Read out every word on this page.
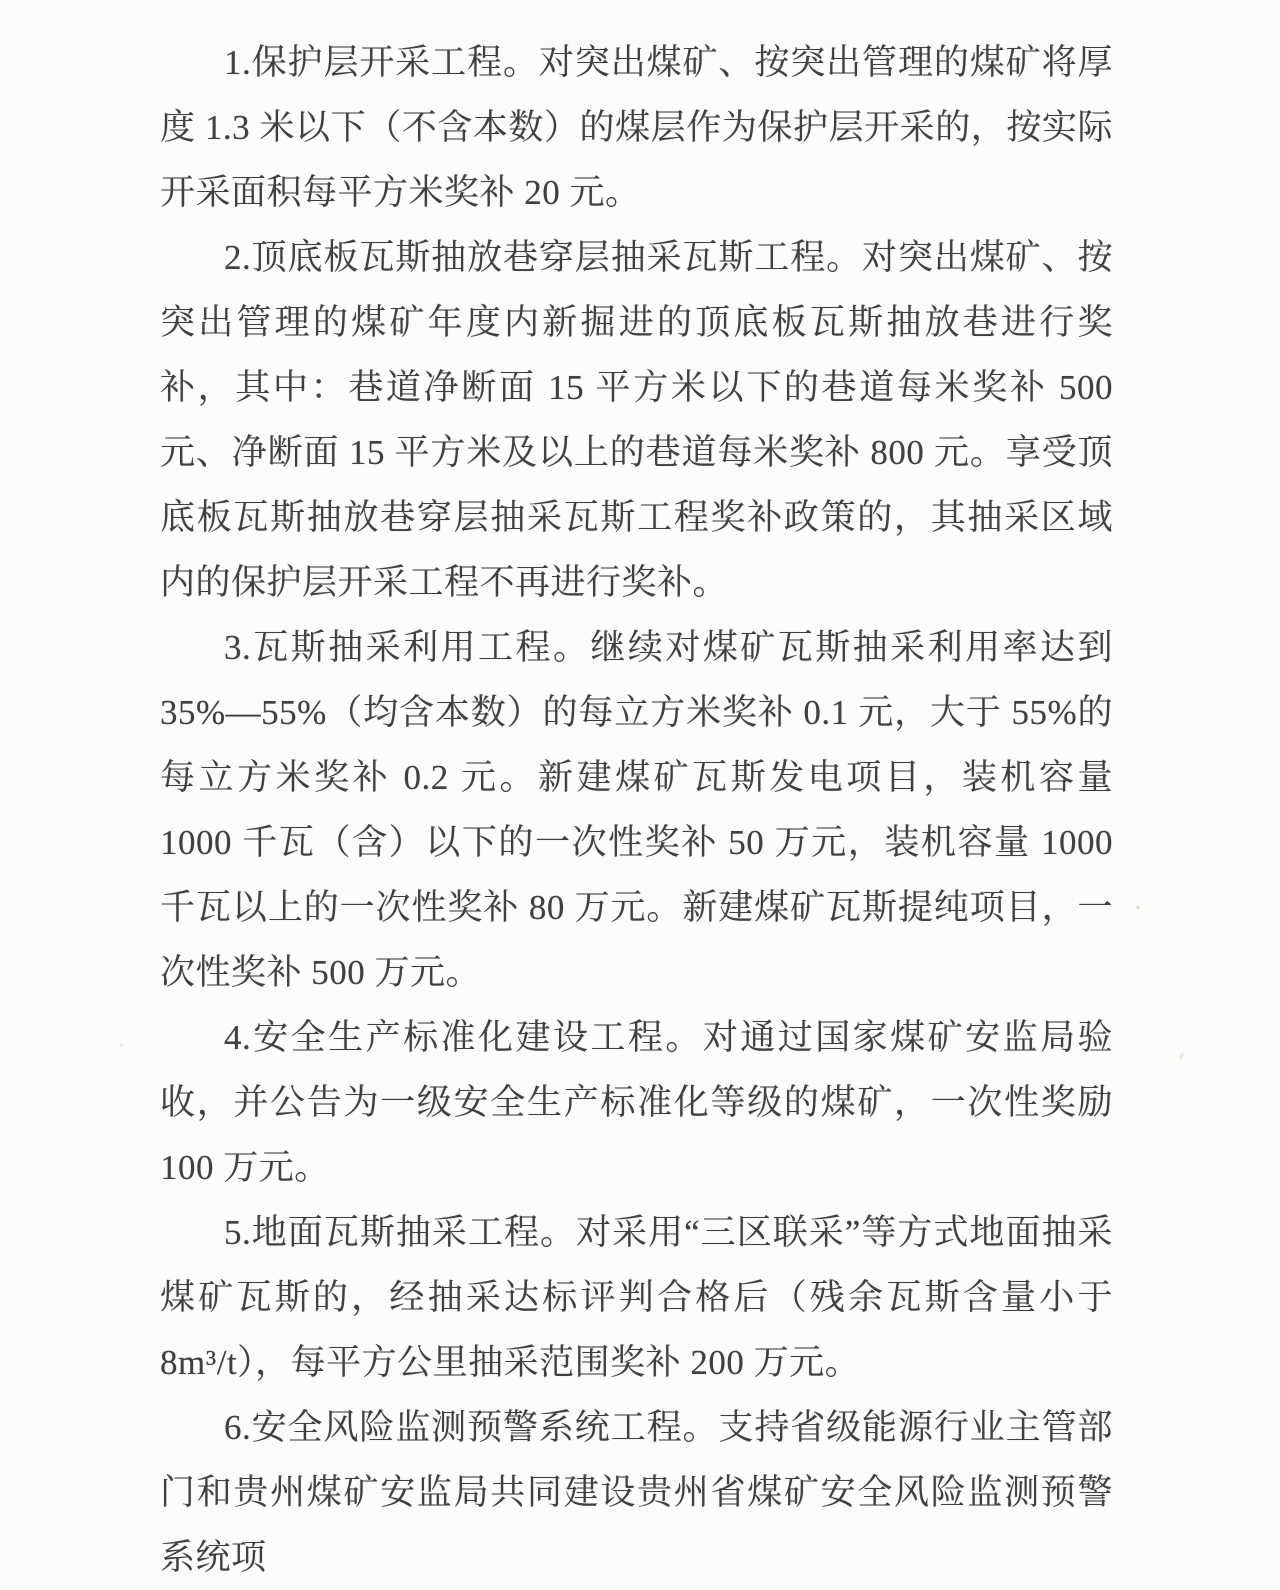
1.保护层开采工程。对突出煤矿、按突出管理的煤矿将厚度 1.3 米以下（不含本数）的煤层作为保护层开采的，按实际开采面积每平方米奖补 20 元。

2.顶底板瓦斯抽放巷穿层抽采瓦斯工程。对突出煤矿、按突出管理的煤矿年度内新掘进的顶底板瓦斯抽放巷进行奖补，其中：巷道净断面 15 平方米以下的巷道每米奖补 500 元、净断面 15 平方米及以上的巷道每米奖补 800 元。享受顶底板瓦斯抽放巷穿层抽采瓦斯工程奖补政策的，其抽采区域内的保护层开采工程不再进行奖补。

3.瓦斯抽采利用工程。继续对煤矿瓦斯抽采利用率达到 35%—55%（均含本数）的每立方米奖补 0.1 元，大于 55%的每立方米奖补 0.2 元。新建煤矿瓦斯发电项目，装机容量 1000 千瓦（含）以下的一次性奖补 50 万元，装机容量 1000 千瓦以上的一次性奖补 80 万元。新建煤矿瓦斯提纯项目，一次性奖补 500 万元。

4.安全生产标准化建设工程。对通过国家煤矿安监局验收，并公告为一级安全生产标准化等级的煤矿，一次性奖励 100 万元。

5.地面瓦斯抽采工程。对采用“三区联采”等方式地面抽采煤矿瓦斯的，经抽采达标评判合格后（残余瓦斯含量小于 8m³/t），每平方公里抽采范围奖补 200 万元。

6.安全风险监测预警系统工程。支持省级能源行业主管部门和贵州煤矿安监局共同建设贵州省煤矿安全风险监测预警系统项
